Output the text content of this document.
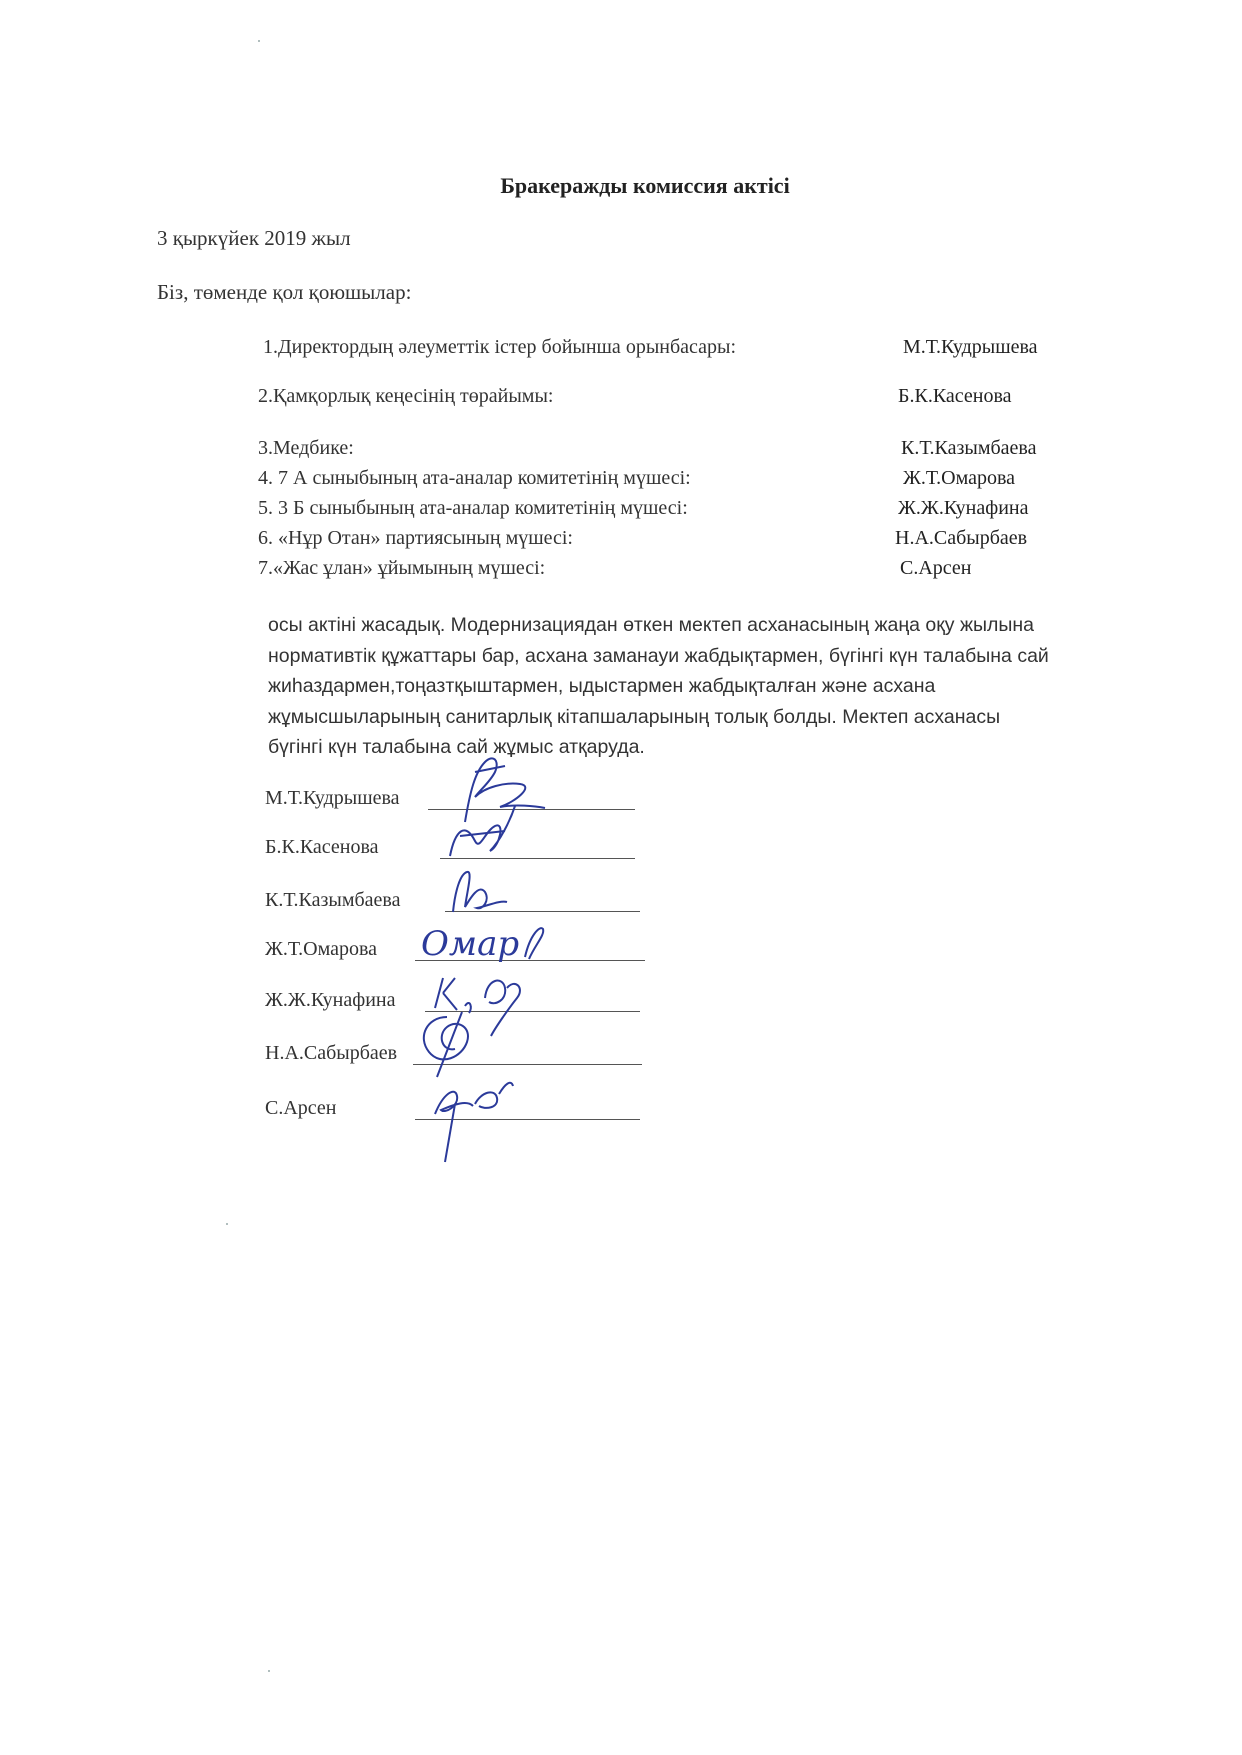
Бракеражды комиссия актісі
3 қыркүйек 2019 жыл
Біз, төменде қол қоюшылар:
1.Директордың әлеуметтік істер бойынша орынбасары:	М.Т.Кудрышева
2.Қамқорлық кеңесінің төрайымы:	Б.К.Касенова
3.Медбике:	К.Т.Казымбаева
4. 7 А сыныбының ата-аналар комитетінің мүшесі:	Ж.Т.Омарова
5. 3 Б сыныбының ата-аналар комитетінің мүшесі:	Ж.Ж.Кунафина
6. «Нұр Отан» партиясының мүшесі:	Н.А.Сабырбаев
7.«Жас ұлан» ұйымының мүшесі:	С.Арсен
осы актіні жасадық. Модернизациядан өткен мектеп асханасының жаңа оқу жылына
нормативтік құжаттары бар, асхана заманауи жабдықтармен, бүгінгі күн талабына сай
жиһаздармен,тоңазтқыштармен, ыдыстармен жабдықталған және асхана
жұмысшыларының санитарлық кітапшаларының толық болды. Мектеп асханасы
бүгінгі күн талабына сай жұмыс атқаруда.
М.Т.Кудрышева
Б.К.Касенова
К.Т.Казымбаева
Ж.Т.Омарова Омар
Ж.Ж.Кунафина
Н.А.Сабырбаев
С.Арсен
